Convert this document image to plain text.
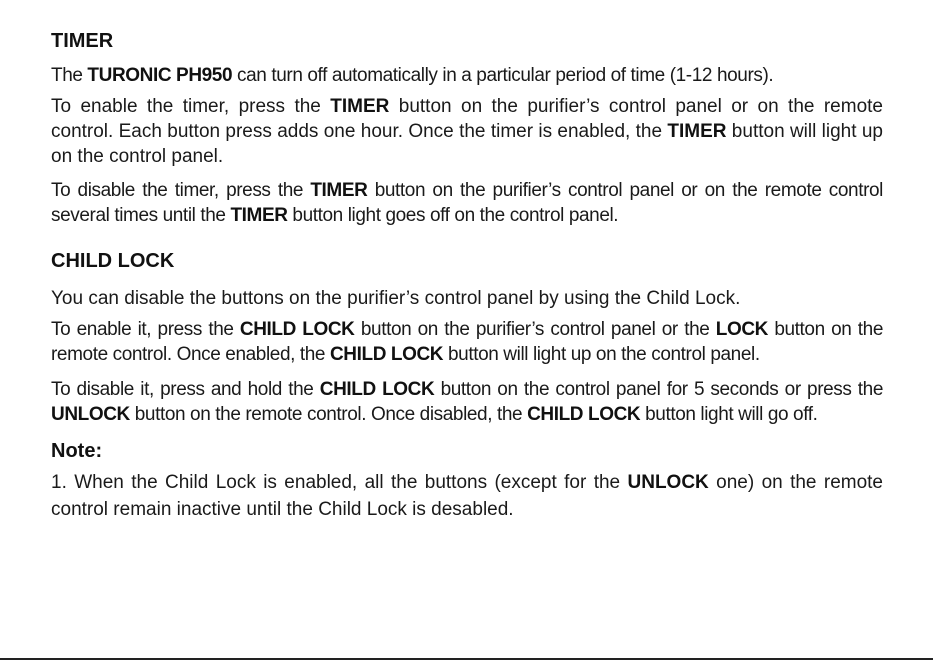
TIMER

The TURONIC PH950 can turn off automatically in a particular period of time (1-12 hours).

To enable the timer, press the TIMER button on the purifier’s control panel or on the remote control. Each button press adds one hour. Once the timer is enabled, the TIMER button will light up on the control panel.

To disable the timer, press the TIMER button on the purifier’s control panel or on the remote control several times until the TIMER button light goes off on the control panel.

CHILD LOCK

You can disable the buttons on the purifier’s control panel by using the Child Lock.

To enable it, press the CHILD LOCK button on the purifier’s control panel or the LOCK button on the remote control. Once enabled, the CHILD LOCK button will light up on the control panel.

To disable it, press and hold the CHILD LOCK button on the control panel for 5 seconds or press the UNLOCK button on the remote control. Once disabled, the CHILD LOCK button light will go off.

Note:

1. When the Child Lock is enabled, all the buttons (except for the UNLOCK one) on the remote control remain inactive until the Child Lock is desabled.
